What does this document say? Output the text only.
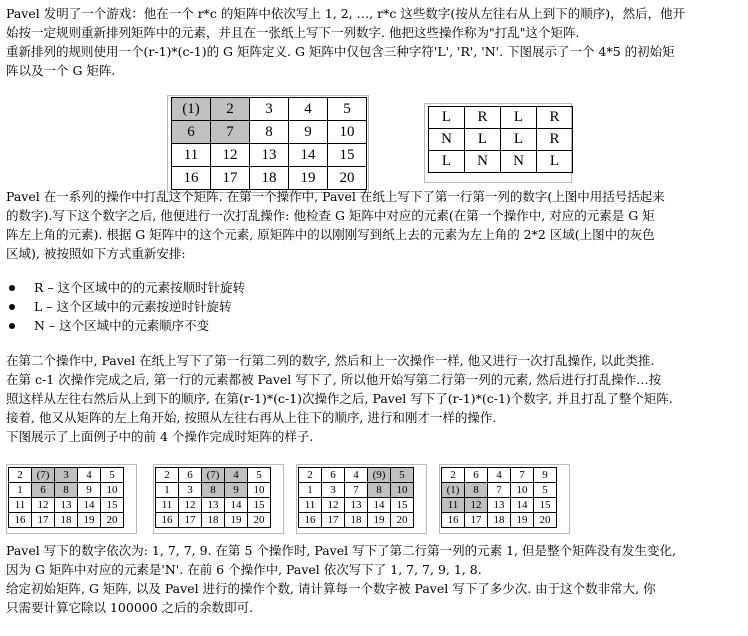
Pavel 发明了一个游戏：他在一个 r*c 的矩阵中依次写上 1, 2, …, r*c 这些数字(按从左往右从上到下的顺序)，然后，他开
始按一定规则重新排列矩阵中的元素，并且在一张纸上写下一列数字. 他把这些操作称为"打乱"这个矩阵.
重新排列的规则使用一个(r-1)*(c-1)的 G 矩阵定义. G 矩阵中仅包含三种字符'L', 'R', 'N'. 下图展示了一个 4*5 的初始矩
阵以及一个 G 矩阵.
(1)	2	3	4	5
6	7	8	9	10
11	12	13	14	15
16	17	18	19	20
L	R	L	R
N	L	L	R
L	N	N	L
Pavel 在一系列的操作中打乱这个矩阵. 在第一个操作中, Pavel 在纸上写下了第一行第一列的数字(上图中用括号括起来
的数字).写下这个数字之后, 他便进行一次打乱操作: 他检查 G 矩阵中对应的元素(在第一个操作中, 对应的元素是 G 矩
阵左上角的元素). 根据 G 矩阵中的这个元素, 原矩阵中的以刚刚写到纸上去的元素为左上角的 2*2 区域(上图中的灰色
区域), 被按照如下方式重新安排:
R – 这个区域中的的元素按顺时针旋转
L – 这个区域中的元素按逆时针旋转
N – 这个区域中的元素顺序不变
在第二个操作中, Pavel 在纸上写下了第一行第二列的数字, 然后和上一次操作一样, 他又进行一次打乱操作, 以此类推.
在第 c-1 次操作完成之后, 第一行的元素都被 Pavel 写下了, 所以他开始写第二行第一列的元素, 然后进行打乱操作…按
照这样从左往右然后从上到下的顺序, 在第(r-1)*(c-1)次操作之后, Pavel 写下了(r-1)*(c-1)个数字, 并且打乱了整个矩阵.
接着, 他又从矩阵的左上角开始, 按照从左往右再从上往下的顺序, 进行和刚才一样的操作.
下图展示了上面例子中的前 4 个操作完成时矩阵的样子.
2	(7)	3	4	5
1	6	8	9	10
11	12	13	14	15
16	17	18	19	20
2	6	(7)	4	5
1	3	8	9	10
11	12	13	14	15
16	17	18	19	20
2	6	4	(9)	5
1	3	7	8	10
11	12	13	14	15
16	17	18	19	20
2	6	4	7	9
(1)	8	7	10	5
11	12	13	14	15
16	17	18	19	20
Pavel 写下的数字依次为: 1, 7, 7, 9. 在第 5 个操作时, Pavel 写下了第二行第一列的元素 1, 但是整个矩阵没有发生变化,
因为 G 矩阵中对应的元素是'N'. 在前 6 个操作中, Pavel 依次写下了 1, 7, 7, 9, 1, 8.
给定初始矩阵, G 矩阵, 以及 Pavel 进行的操作个数, 请计算每一个数字被 Pavel 写下了多少次. 由于这个数非常大, 你
只需要计算它除以 100000 之后的余数即可.
